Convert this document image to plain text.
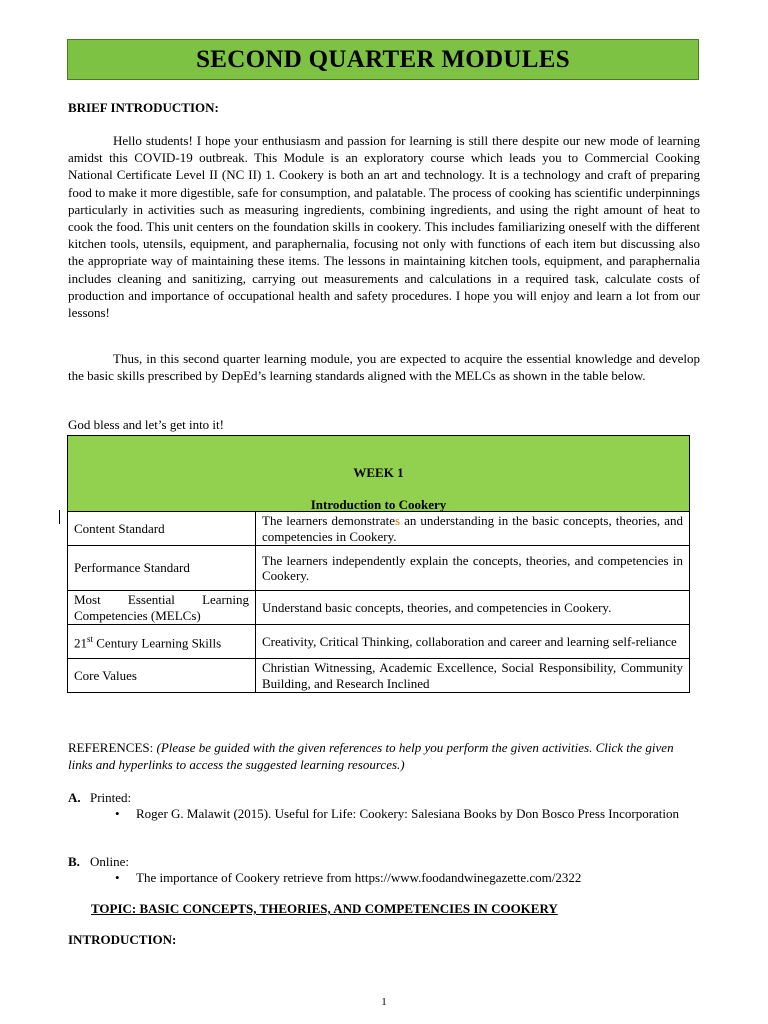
SECOND QUARTER MODULES
BRIEF INTRODUCTION:

Hello students! I hope your enthusiasm and passion for learning is still there despite our new mode of learning amidst this COVID-19 outbreak. This Module is an exploratory course which leads you to Commercial Cooking National Certificate Level II (NC II) 1. Cookery is both an art and technology. It is a technology and craft of preparing food to make it more digestible, safe for consumption, and palatable. The process of cooking has scientific underpinnings particularly in activities such as measuring ingredients, combining ingredients, and using the right amount of heat to cook the food. This unit centers on the foundation skills in cookery. This includes familiarizing oneself with the different kitchen tools, utensils, equipment, and paraphernalia, focusing not only with functions of each item but discussing also the appropriate way of maintaining these items. The lessons in maintaining kitchen tools, equipment, and paraphernalia includes cleaning and sanitizing, carrying out measurements and calculations in a required task, calculate costs of production and importance of occupational health and safety procedures. I hope you will enjoy and learn a lot from our lessons!

Thus, in this second quarter learning module, you are expected to acquire the essential knowledge and develop the basic skills prescribed by DepEd’s learning standards aligned with the MELCs as shown in the table below.

God bless and let’s get into it!
WEEK 1
Introduction to Cookery	

Content Standard	The learners demonstrates an understanding in the basic concepts, theories, and competencies in Cookery.
Performance Standard	The learners independently explain the concepts, theories, and competencies in Cookery.
Most Essential Learning Competencies (MELCs)	Understand basic concepts, theories, and competencies in Cookery.
21st Century Learning Skills	Creativity, Critical Thinking, collaboration and career and learning self-reliance
Core Values	Christian Witnessing, Academic Excellence, Social Responsibility, Community Building, and Research Inclined
REFERENCES: (Please be guided with the given references to help you perform the given activities. Click the given links and hyperlinks to access the suggested learning resources.)
A. Printed:
• Roger G. Malawit (2015). Useful for Life: Cookery: Salesiana Books by Don Bosco Press Incorporation
B. Online:
• The importance of Cookery retrieve from https://www.foodandwinegazette.com/2322
TOPIC: BASIC CONCEPTS, THEORIES, AND COMPETENCIES IN COOKERY
INTRODUCTION:
1
